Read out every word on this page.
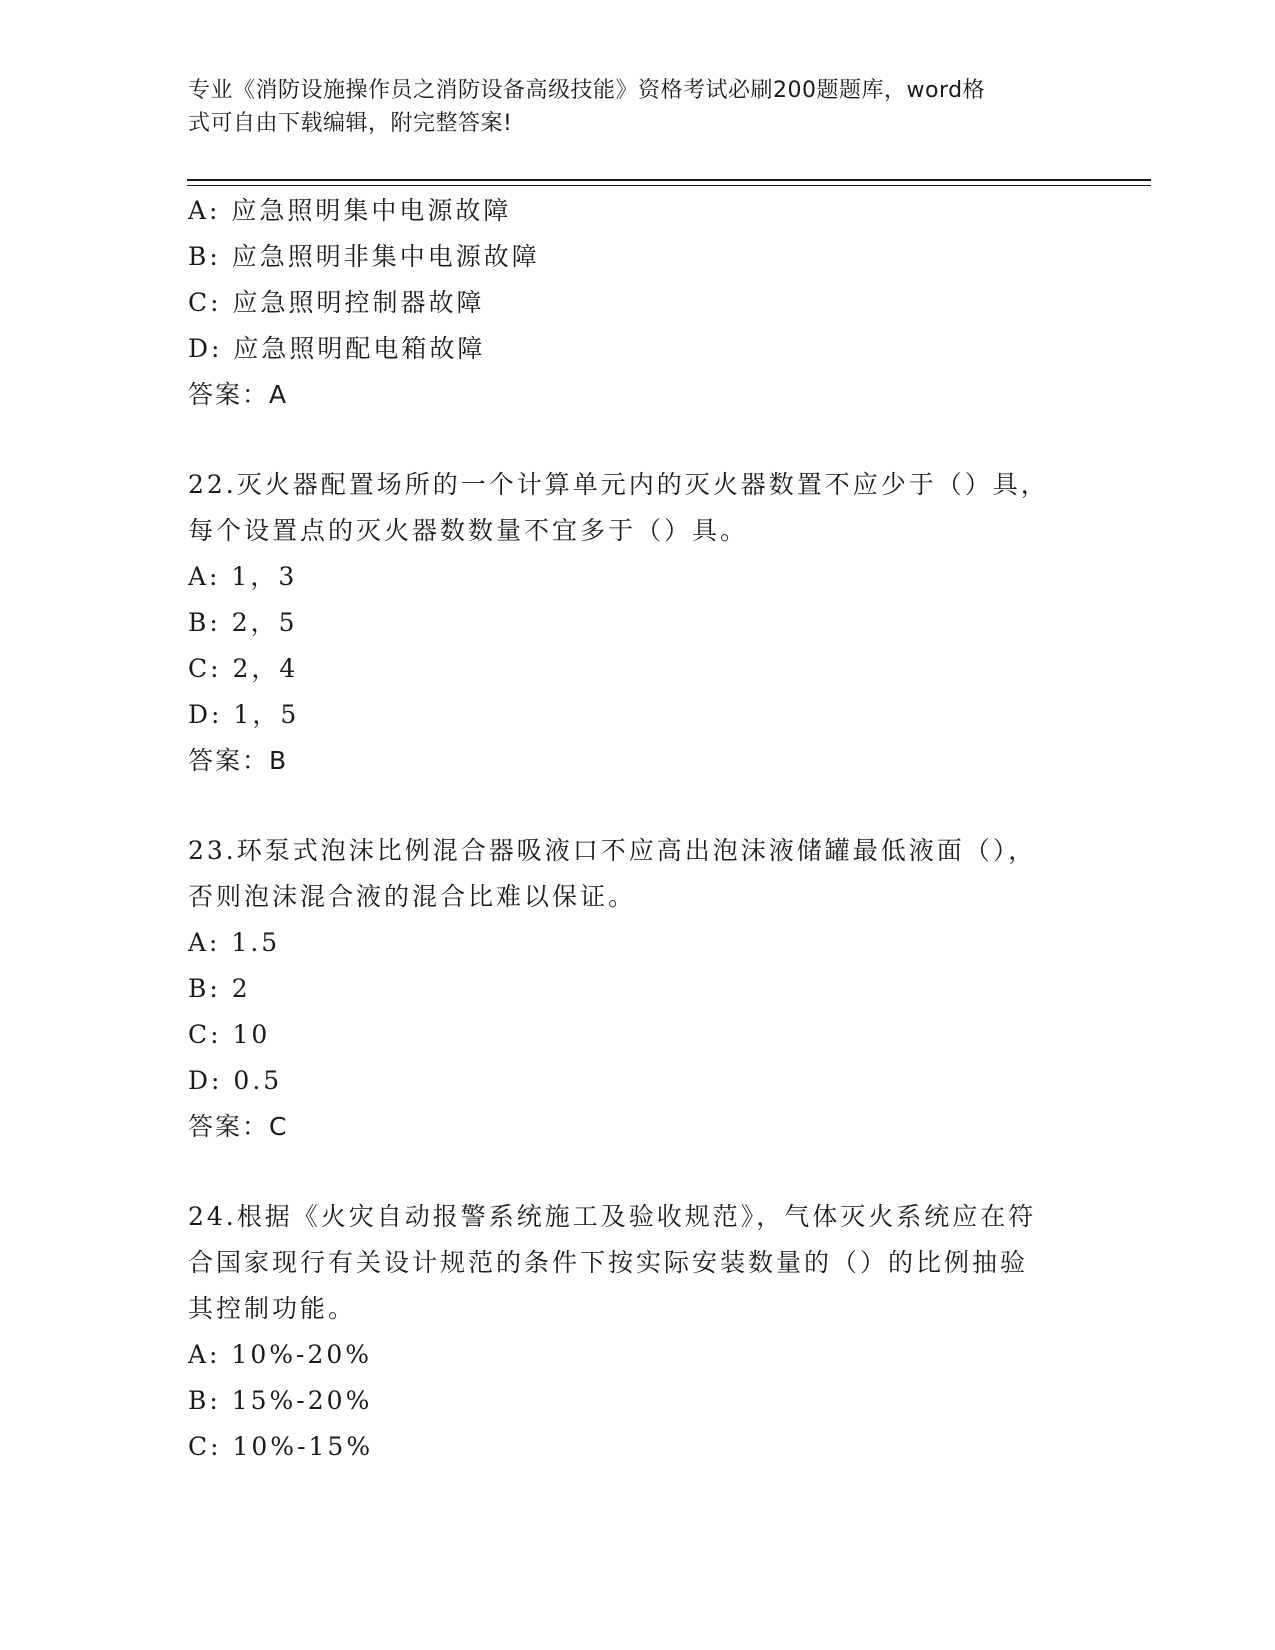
专业《消防设施操作员之消防设备高级技能》资格考试必刷200题题库，word格
式可自由下载编辑，附完整答案!
A: 应急照明集中电源故障
B: 应急照明非集中电源故障
C: 应急照明控制器故障
D: 应急照明配电箱故障
答案：A
22.灭火器配置场所的一个计算单元内的灭火器数置不应少于（）具，
每个设置点的灭火器数数量不宜多于（）具。
A: 1，3
B: 2，5
C: 2，4
D: 1，5
答案：B
23.环泵式泡沫比例混合器吸液口不应高出泡沫液储罐最低液面（），
否则泡沫混合液的混合比难以保证。
A: 1.5
B: 2
C: 10
D: 0.5
答案：C
24.根据《火灾自动报警系统施工及验收规范》，气体灭火系统应在符
合国家现行有关设计规范的条件下按实际安装数量的（）的比例抽验
其控制功能。
A: 10%-20%
B: 15%-20%
C: 10%-15%
